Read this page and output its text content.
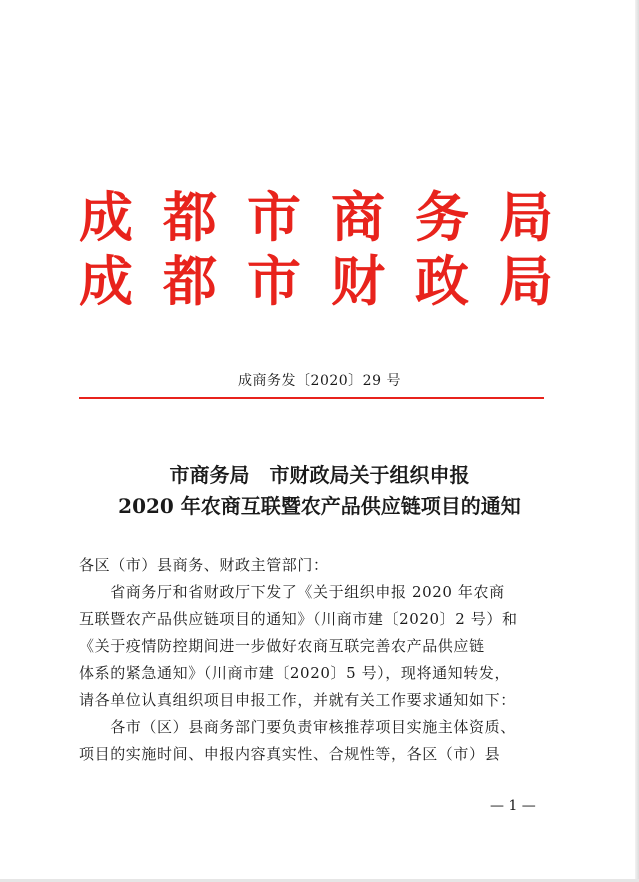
成 都 市 商 务 局
成 都 市 财 政 局
成商务发〔2020〕29 号
市商务局　市财政局关于组织申报
2020 年农商互联暨农产品供应链项目的通知
各区（市）县商务、财政主管部门：
　　省商务厅和省财政厅下发了《关于组织申报 2020 年农商
互联暨农产品供应链项目的通知》（川商市建〔2020〕2 号）和
《关于疫情防控期间进一步做好农商互联完善农产品供应链
体系的紧急通知》（川商市建〔2020〕5 号），现将通知转发，
请各单位认真组织项目申报工作，并就有关工作要求通知如下：
　　各市（区）县商务部门要负责审核推荐项目实施主体资质、
项目的实施时间、申报内容真实性、合规性等，各区（市）县
— 1 —
